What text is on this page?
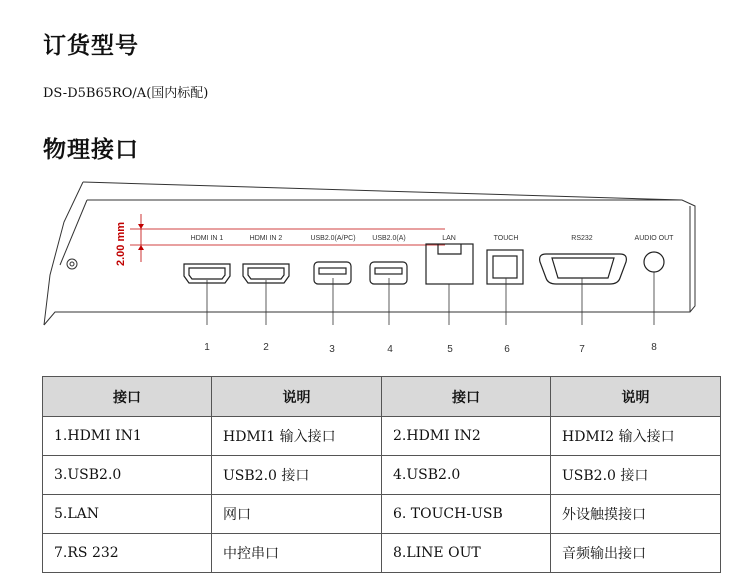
订货型号
DS-D5B65RO/A(国内标配)
物理接口
2.00 mm	HDMI IN 1	HDMI IN 2	USB2.0(A/PC) USB2.0(A)	LAN	TOUCH	RS232	AUDIO OUT
1	2	3	4	5	6	7	8
接口	说明	接口	说明
1.HDMI IN1	HDMI1 输入接口	2.HDMI IN2	HDMI2 输入接口
3.USB2.0	USB2.0 接口	4.USB2.0	USB2.0 接口
5.LAN	网口	6. TOUCH-USB	外设触摸接口
7.RS 232	中控串口	8.LINE OUT	音频输出接口
